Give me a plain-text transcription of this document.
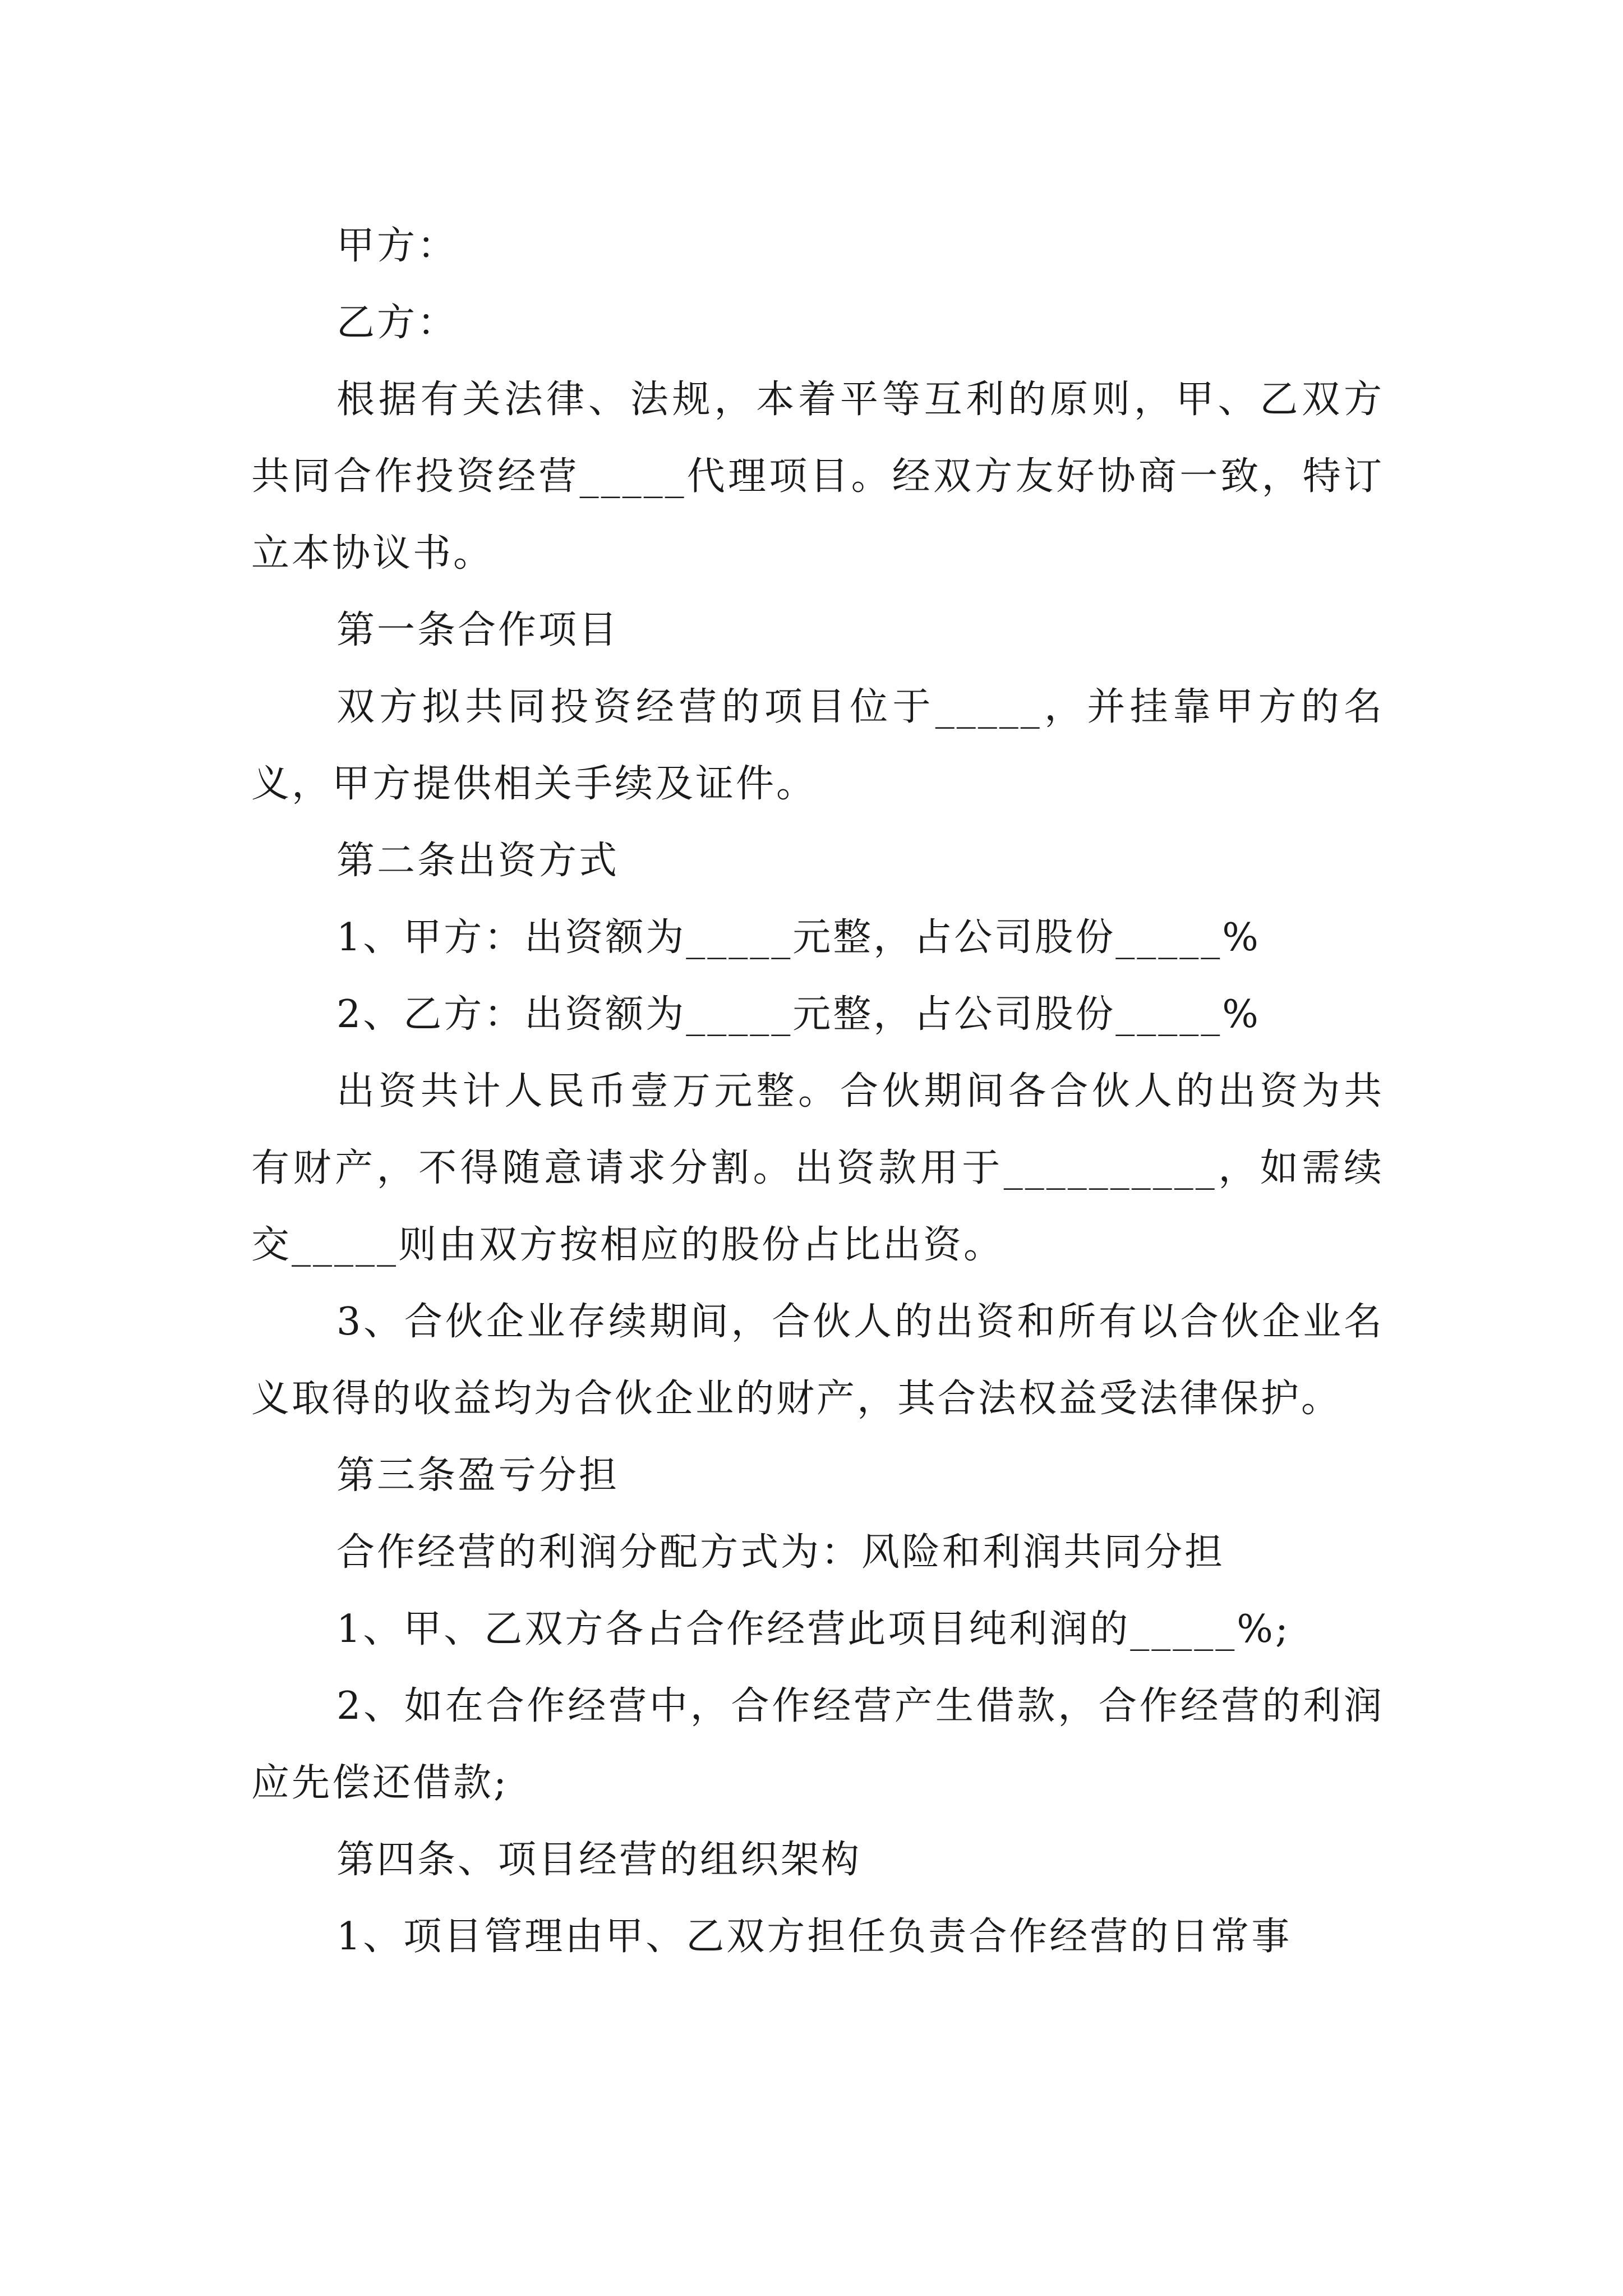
甲方：

乙方：

根据有关法律、法规，本着平等互利的原则，甲、乙双方共同合作投资经营_____代理项目。经双方友好协商一致，特订立本协议书。

第一条合作项目

双方拟共同投资经营的项目位于_____，并挂靠甲方的名义，甲方提供相关手续及证件。

第二条出资方式

1、甲方：出资额为_____元整，占公司股份_____%

2、乙方：出资额为_____元整，占公司股份_____%

出资共计人民币壹万元整。合伙期间各合伙人的出资为共有财产，不得随意请求分割。出资款用于__________，如需续交_____则由双方按相应的股份占比出资。

3、合伙企业存续期间，合伙人的出资和所有以合伙企业名义取得的收益均为合伙企业的财产，其合法权益受法律保护。

第三条盈亏分担

合作经营的利润分配方式为：风险和利润共同分担

1、甲、乙双方各占合作经营此项目纯利润的_____%;

2、如在合作经营中，合作经营产生借款，合作经营的利润应先偿还借款;

第四条、项目经营的组织架构

1、项目管理由甲、乙双方担任负责合作经营的日常事
